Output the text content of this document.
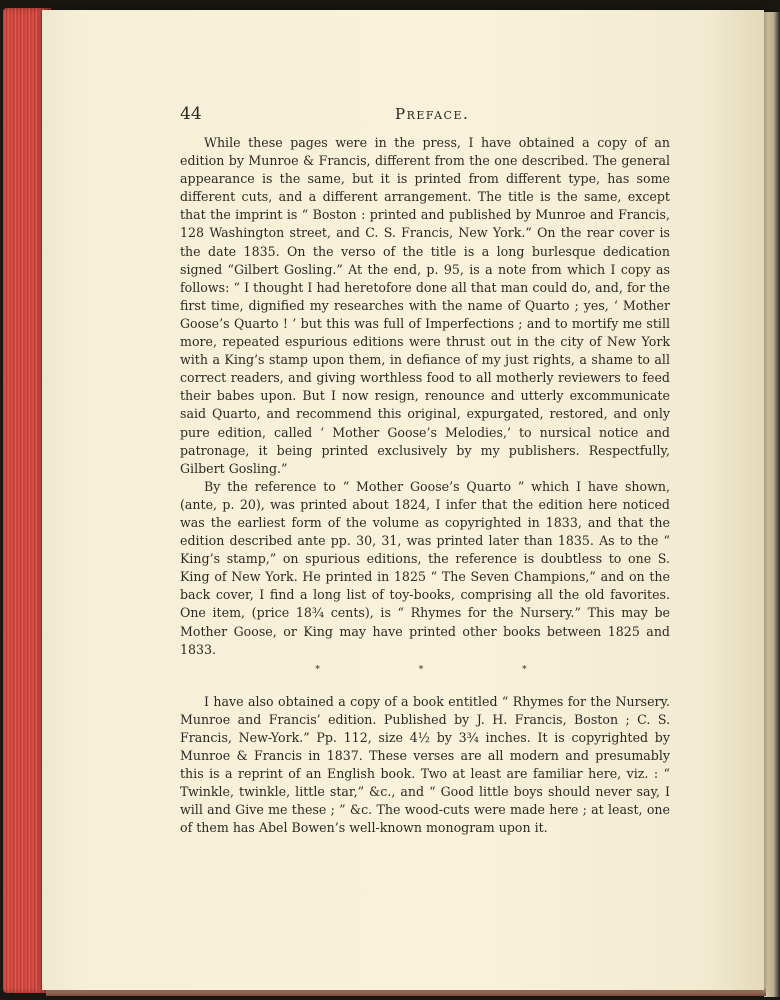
44	Preface.

While these pages were in the press, I have obtained a copy of an edition by Munroe & Francis, different from the one described. The general appearance is the same, but it is printed from different type, has some different cuts, and a different arrangement. The title is the same, except that the imprint is “ Boston : printed and published by Munroe and Francis, 128 Washington street, and C. S. Francis, New York.” On the rear cover is the date 1835. On the verso of the title is a long burlesque dedication signed “Gilbert Gosling.” At the end, p. 95, is a note from which I copy as follows: “ I thought I had heretofore done all that man could do, and, for the first time, dignified my researches with the name of Quarto ; yes, ‘ Mother Goose’s Quarto ! ’ but this was full of Imperfections ; and to mortify me still more, repeated espurious editions were thrust out in the city of New York with a King’s stamp upon them, in defiance of my just rights, a shame to all correct readers, and giving worthless food to all motherly reviewers to feed their babes upon. But I now resign, renounce and utterly excommunicate said Quarto, and recommend this original, expurgated, restored, and only pure edition, called ‘ Mother Goose’s Melodies,’ to nursical notice and patronage, it being printed exclusively by my publishers. Respectfully, Gilbert Gosling.”

By the reference to “ Mother Goose’s Quarto ” which I have shown, (ante, p. 20), was printed about 1824, I infer that the edition here noticed was the earliest form of the volume as copyrighted in 1833, and that the edition described ante pp. 30, 31, was printed later than 1835. As to the “ King’s stamp,” on spurious editions, the reference is doubtless to one S. King of New York. He printed in 1825 “ The Seven Champions,” and on the back cover, I find a long list of toy-books, comprising all the old favorites. One item, (price 18¾ cents), is “ Rhymes for the Nursery.” This may be Mother Goose, or King may have printed other books between 1825 and 1833.

* * *

I have also obtained a copy of a book entitled “ Rhymes for the Nursery. Munroe and Francis’ edition. Published by J. H. Francis, Boston ; C. S. Francis, New-York.” Pp. 112, size 4½ by 3¾ inches. It is copyrighted by Munroe & Francis in 1837. These verses are all modern and presumably this is a reprint of an English book. Two at least are familiar here, viz. : “ Twinkle, twinkle, little star,” &c., and “ Good little boys should never say, I will and Give me these ; ” &c. The wood-cuts were made here ; at least, one of them has Abel Bowen’s well-known monogram upon it.
